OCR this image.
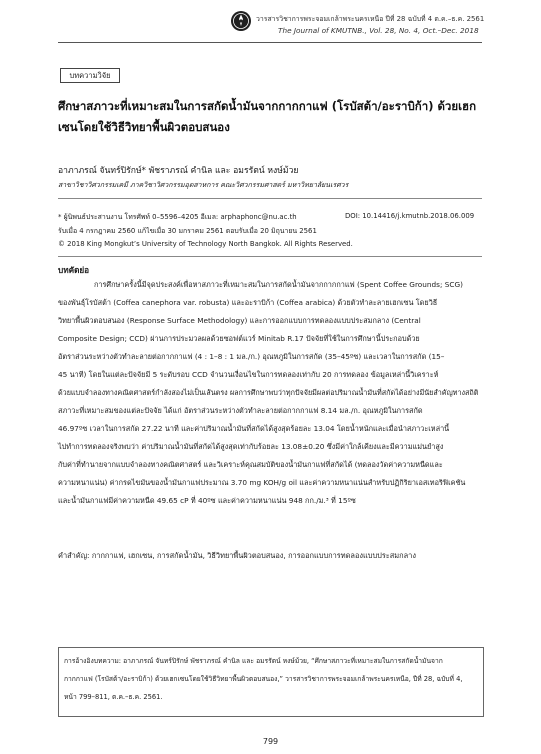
วารสารวิชาการพระจอมเกล้าพระนครเหนือ ปีที่ 28 ฉบับที่ 4 ต.ค.–ธ.ค. 2561
The Journal of KMUTNB., Vol. 28, No. 4, Oct.–Dec. 2018
บทความวิจัย
ศึกษาสภาวะที่เหมาะสมในการสกัดน้ำมันจากกากกาแฟ (โรบัสต้า/อะราบิก้า) ด้วยเฮกเซนโดยใช้วิธีวิทยาพื้นผิวตอบสนอง
อาภาภรณ์ จันทร์ปิรักษ์* พัชราภรณ์ คำนิล และ อมรรัตน์ หงษ์ม้วย
สาขาวิชาวิศวกรรมเคมี ภาควิชาวิศวกรรมอุตสาหการ คณะวิศวกรรมศาสตร์ มหาวิทยาลัยนเรศวร
* ผู้นิพนธ์ประสานงาน โทรศัพท์ 0–5596–4205 อีเมล: arphaphonc@nu.ac.th	DOI: 10.14416/j.kmutnb.2018.06.009
รับเมื่อ 4 กรกฎาคม 2560 แก้ไขเมื่อ 30 มกราคม 2561 ตอบรับเมื่อ 20 มิถุนายน 2561
© 2018 King Mongkut’s University of Technology North Bangkok. All Rights Reserved.
บทคัดย่อ
การศึกษาครั้งนี้มีจุดประสงค์เพื่อหาสภาวะที่เหมาะสมในการสกัดน้ำมันจากกากกาแฟ (Spent Coffee Grounds; SCG)
ของพันธุ์โรบัสต้า (Coffea canephora var. robusta) และอะราบิก้า (Coffea arabica) ด้วยตัวทำละลายเฮกเซน โดยวิธี
วิทยาพื้นผิวตอบสนอง (Response Surface Methodology) และการออกแบบการทดลองแบบประสมกลาง (Central
Composite Design; CCD) ผ่านการประมวลผลด้วยซอฟต์แวร์ Minitab R.17 ปัจจัยที่ใช้ในการศึกษานี้ประกอบด้วย
อัตราส่วนระหว่างตัวทำละลายต่อกากกาแฟ (4 : 1–8 : 1 มล./ก.) อุณหภูมิในการสกัด (35–45ºซ) และเวลาในการสกัด (15–
45 นาที) โดยในแต่ละปัจจัยมี 5 ระดับรอบ CCD จำนวนเงื่อนไขในการทดลองเท่ากับ 20 การทดลอง ข้อมูลเหล่านี้วิเคราะห์
ด้วยแบบจำลองทางคณิตศาสตร์กำลังสองไม่เป็นเส้นตรง ผลการศึกษาพบว่าทุกปัจจัยมีผลต่อปริมาณน้ำมันที่สกัดได้อย่างมีนัยสำคัญทางสถิติ
สภาวะที่เหมาะสมของแต่ละปัจจัย ได้แก่ อัตราส่วนระหว่างตัวทำละลายต่อกากกาแฟ 8.14 มล./ก. อุณหภูมิในการสกัด
46.97ºซ เวลาในการสกัด 27.22 นาที และค่าปริมาณน้ำมันที่สกัดได้สูงสุดร้อยละ 13.04 โดยน้ำหนักและเมื่อนำสภาวะเหล่านี้
ไปทำการทดลองจริงพบว่า ค่าปริมาณน้ำมันที่สกัดได้สูงสุดเท่ากับร้อยละ 13.08±0.20 ซึ่งมีค่าใกล้เคียงและมีความแม่นยำสูง
กับค่าที่ทำนายจากแบบจำลองทางคณิตศาสตร์ และวิเคราะห์คุณสมบัติของน้ำมันกาแฟที่สกัดได้ (ทดลองวัดค่าความหนืดและ
ความหนาแน่น) ค่ากรดไขมันของน้ำมันกาแฟประมาณ 3.70 mg KOH/g oil และค่าความหนาแน่นสำหรับปฏิกิริยาเอสเทอริฟิเคชัน
และน้ำมันกาแฟมีค่าความหนืด 49.65 cP ที่ 40ºซ และค่าความหนาแน่น 948 กก./ม.³ ที่ 15ºซ
คำสำคัญ: กากกาแฟ, เฮกเซน, การสกัดน้ำมัน, วิธีวิทยาพื้นผิวตอบสนอง, การออกแบบการทดลองแบบประสมกลาง
การอ้างอิงบทความ: อาภาภรณ์ จันทร์ปิรักษ์ พัชราภรณ์ คำนิล และ อมรรัตน์ หงษ์ม้วย, “ศึกษาสภาวะที่เหมาะสมในการสกัดน้ำมันจาก
กากกาแฟ (โรบัสต้า/อะราบิก้า) ด้วยเฮกเซนโดยใช้วิธีวิทยาพื้นผิวตอบสนอง,” วารสารวิชาการพระจอมเกล้าพระนครเหนือ, ปีที่ 28, ฉบับที่ 4,
หน้า 799–811, ต.ค.–ธ.ค. 2561.
799
